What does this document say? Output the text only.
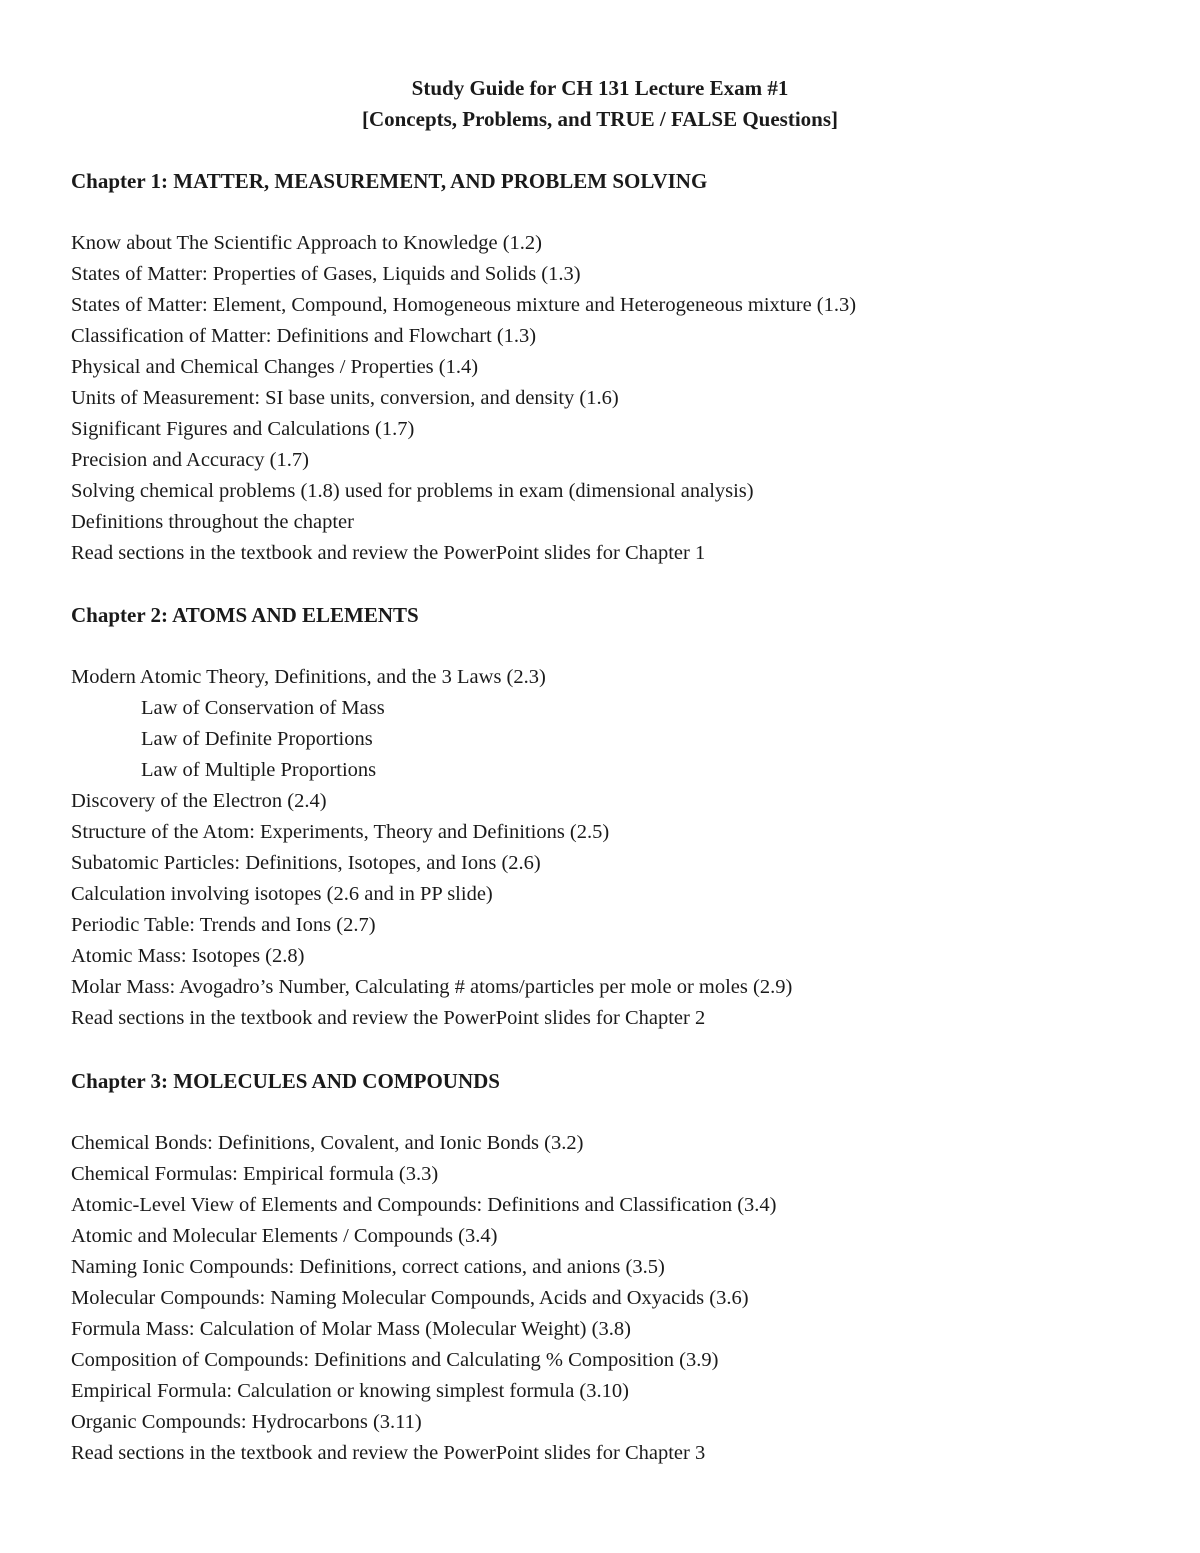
Study Guide for CH 131 Lecture Exam #1
[Concepts, Problems, and TRUE / FALSE Questions]
Chapter 1: MATTER, MEASUREMENT, AND PROBLEM SOLVING
Know about The Scientific Approach to Knowledge (1.2)
States of Matter: Properties of Gases, Liquids and Solids (1.3)
States of Matter: Element, Compound, Homogeneous mixture and Heterogeneous mixture (1.3)
Classification of Matter: Definitions and Flowchart (1.3)
Physical and Chemical Changes / Properties (1.4)
Units of Measurement: SI base units, conversion, and density (1.6)
Significant Figures and Calculations (1.7)
Precision and Accuracy (1.7)
Solving chemical problems (1.8) used for problems in exam (dimensional analysis)
Definitions throughout the chapter
Read sections in the textbook and review the PowerPoint slides for Chapter 1
Chapter 2: ATOMS AND ELEMENTS
Modern Atomic Theory, Definitions, and the 3 Laws (2.3)
Law of Conservation of Mass
Law of Definite Proportions
Law of Multiple Proportions
Discovery of the Electron (2.4)
Structure of the Atom: Experiments, Theory and Definitions (2.5)
Subatomic Particles: Definitions, Isotopes, and Ions (2.6)
Calculation involving isotopes (2.6 and in PP slide)
Periodic Table: Trends and Ions (2.7)
Atomic Mass: Isotopes (2.8)
Molar Mass: Avogadro’s Number, Calculating # atoms/particles per mole or moles (2.9)
Read sections in the textbook and review the PowerPoint slides for Chapter 2
Chapter 3: MOLECULES AND COMPOUNDS
Chemical Bonds: Definitions, Covalent, and Ionic Bonds (3.2)
Chemical Formulas: Empirical formula (3.3)
Atomic-Level View of Elements and Compounds: Definitions and Classification (3.4)
Atomic and Molecular Elements / Compounds (3.4)
Naming Ionic Compounds: Definitions, correct cations, and anions (3.5)
Molecular Compounds: Naming Molecular Compounds, Acids and Oxyacids (3.6)
Formula Mass: Calculation of Molar Mass (Molecular Weight) (3.8)
Composition of Compounds: Definitions and Calculating % Composition (3.9)
Empirical Formula: Calculation or knowing simplest formula (3.10)
Organic Compounds: Hydrocarbons (3.11)
Read sections in the textbook and review the PowerPoint slides for Chapter 3
